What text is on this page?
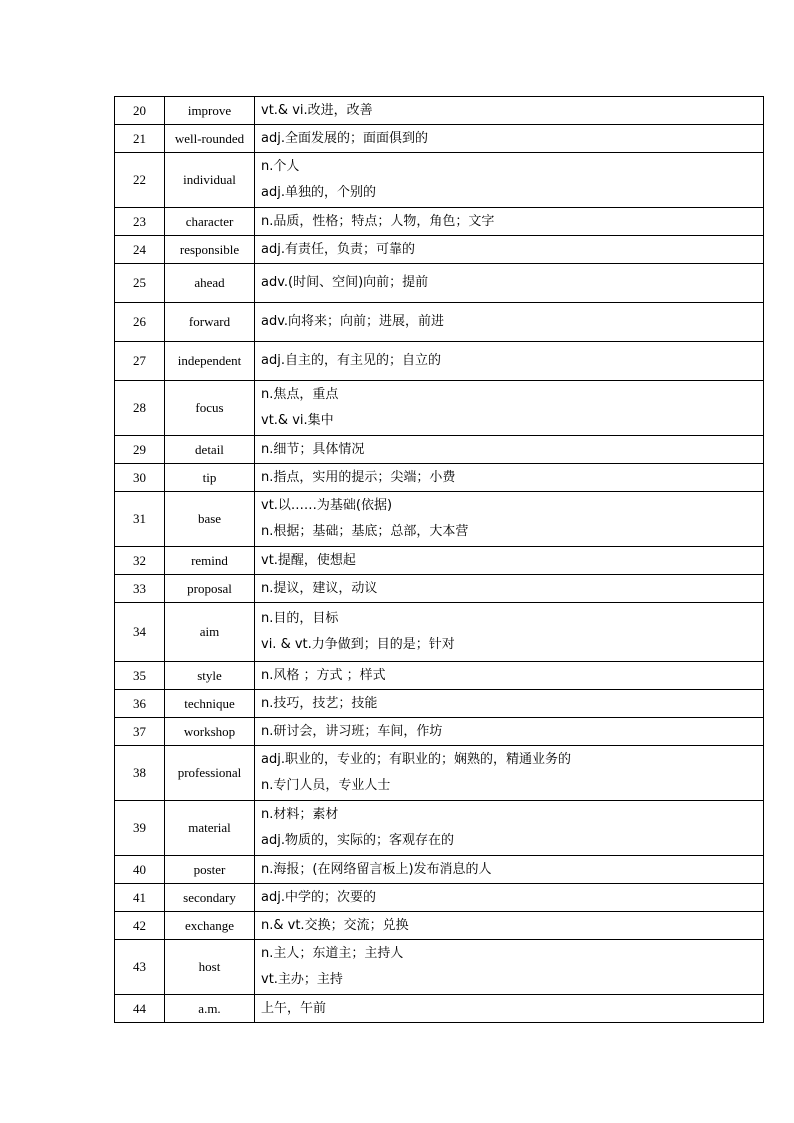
20	improve	vt.& vi.改进，改善

21	well-rounded	adj.全面发展的；面面俱到的

22	individual	n.个人
adj.单独的，个别的

23	character	n.品质，性格；特点；人物，角色；文字

24	responsible	adj.有责任，负责；可靠的

25	ahead	adv.(时间、空间)向前；提前

26	forward	adv.向将来；向前；进展，前进

27	independent	adj.自主的，有主见的；自立的

28	focus	n.焦点，重点
vt.& vi.集中

29	detail	n.细节；具体情况

30	tip	n.指点，实用的提示；尖端；小费

31	base	vt.以……为基础(依据)
n.根据；基础；基底；总部，大本营

32	remind	vt.提醒，使想起

33	proposal	n.提议，建议，动议

34	aim	n.目的，目标
vi. & vt.力争做到；目的是；针对

35	style	n.风格 ；方式 ；样式

36	technique	n.技巧，技艺；技能

37	workshop	n.研讨会，讲习班；车间，作坊

38	professional	adj.职业的，专业的；有职业的；娴熟的，精通业务的
n.专门人员，专业人士

39	material	n.材料；素材
adj.物质的，实际的；客观存在的

40	poster	n.海报；(在网络留言板上)发布消息的人

41	secondary	adj.中学的；次要的

42	exchange	n.& vt.交换；交流；兑换

43	host	n.主人；东道主；主持人
vt.主办；主持

44	a.m.	上午，午前
